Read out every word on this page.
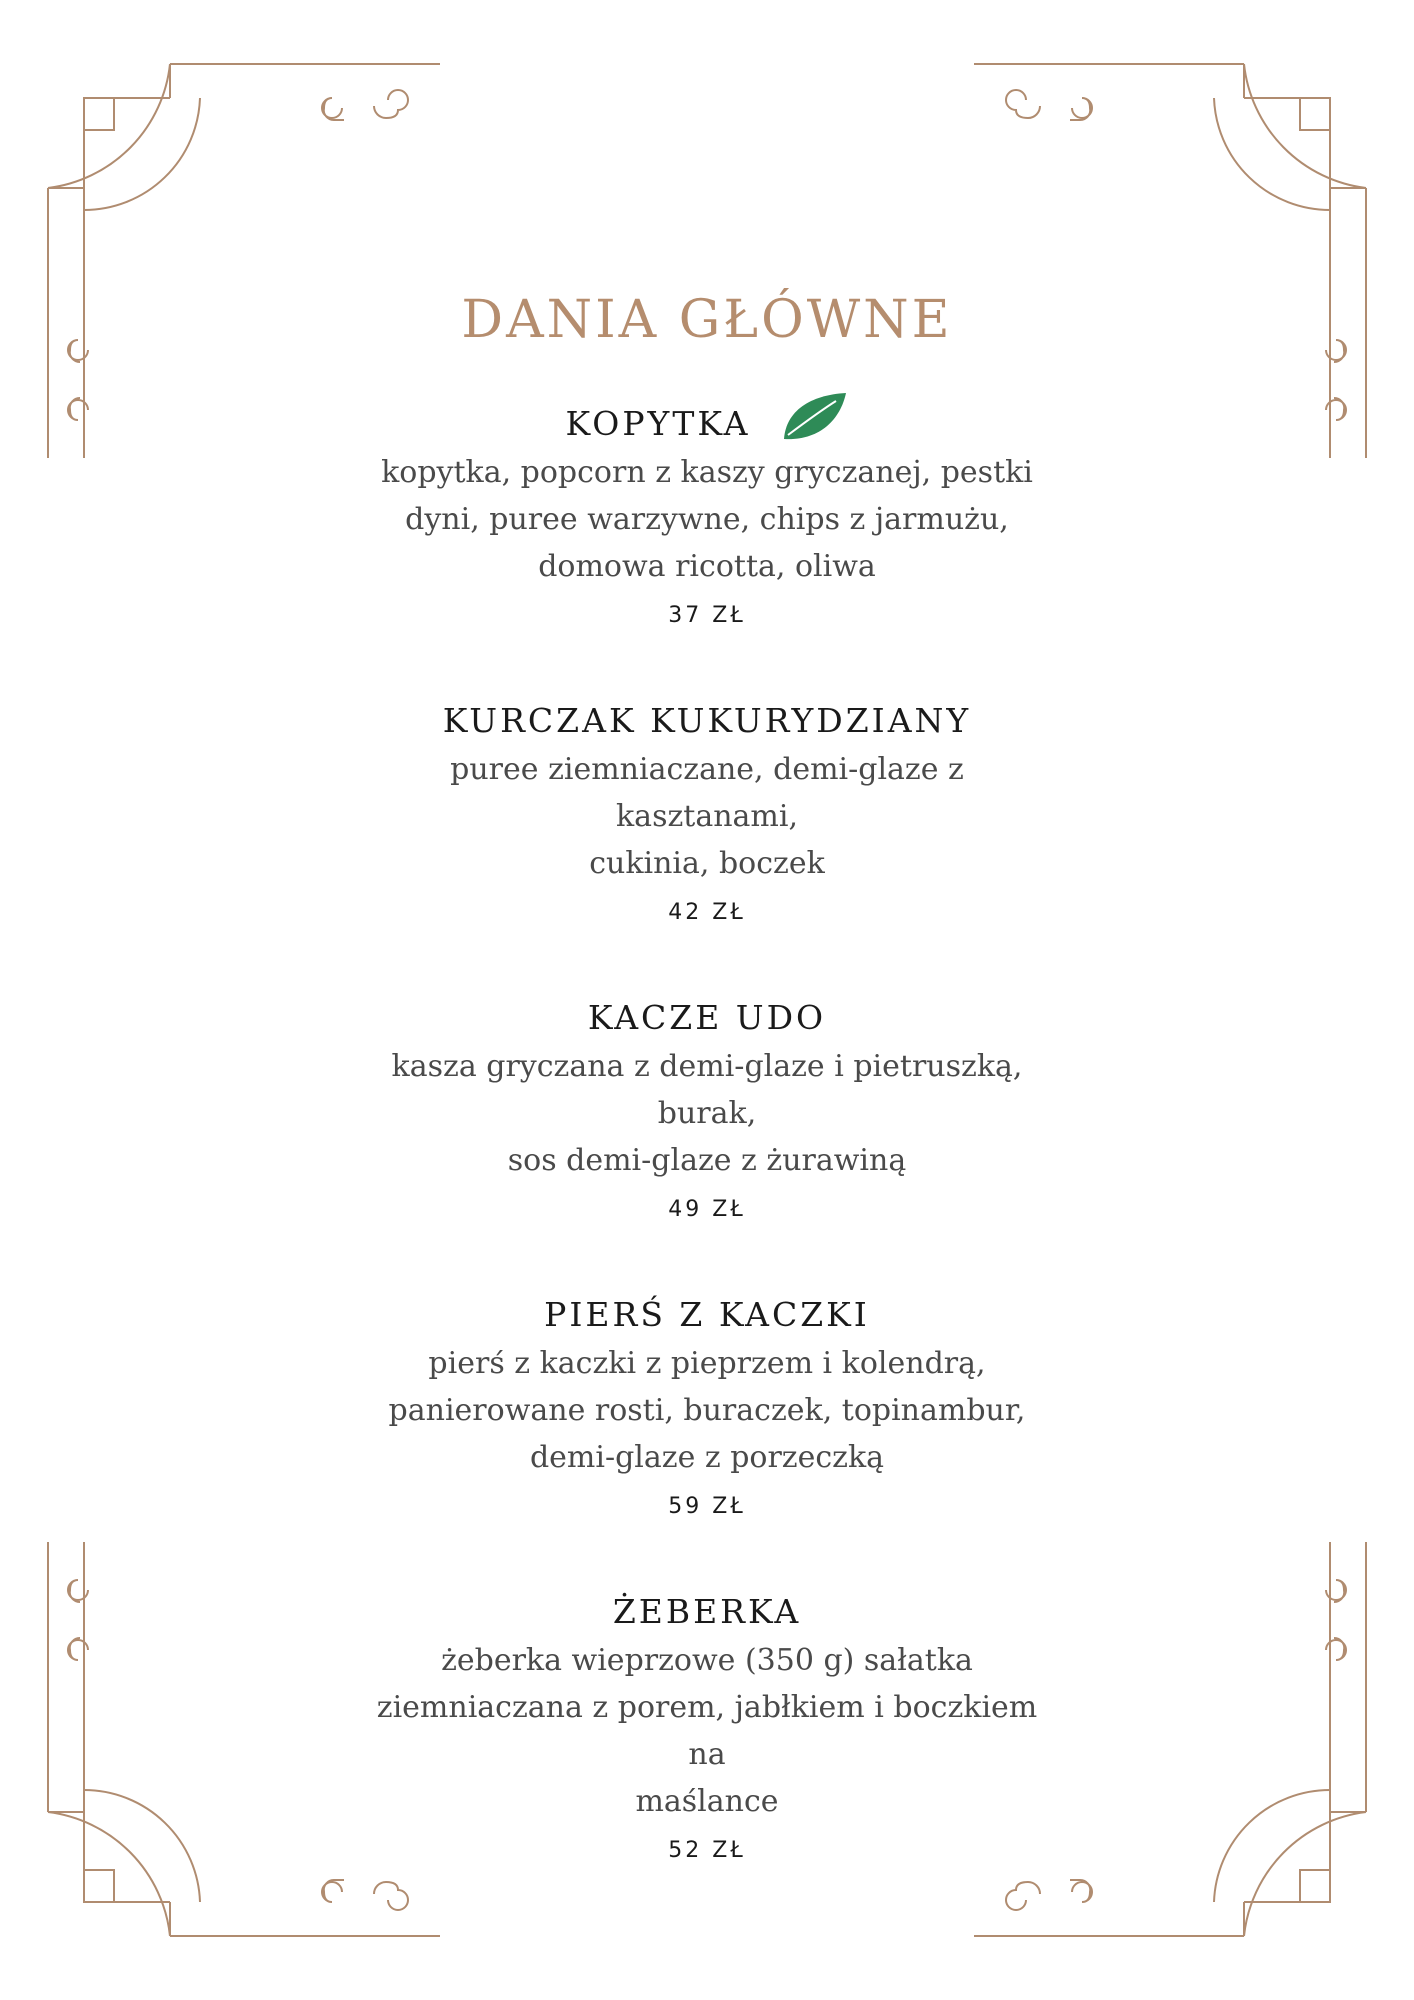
DANIA GŁÓWNE
KOPYTKA
kopytka, popcorn z kaszy gryczanej, pestki
dyni, puree warzywne, chips z jarmużu,
domowa ricotta, oliwa
37 ZŁ
KURCZAK KUKURYDZIANY
puree ziemniaczane, demi-glaze z kasztanami,
cukinia, boczek
42 ZŁ
KACZE UDO
kasza gryczana z demi-glaze i pietruszką, burak,
sos demi-glaze z żurawiną
49 ZŁ
PIERŚ Z KACZKI
pierś z kaczki z pieprzem i kolendrą,
panierowane rosti, buraczek, topinambur,
demi-glaze z porzeczką
59 ZŁ
ŻEBERKA
żeberka wieprzowe (350 g) sałatka
ziemniaczana z porem, jabłkiem i boczkiem na
maślance
52 ZŁ
